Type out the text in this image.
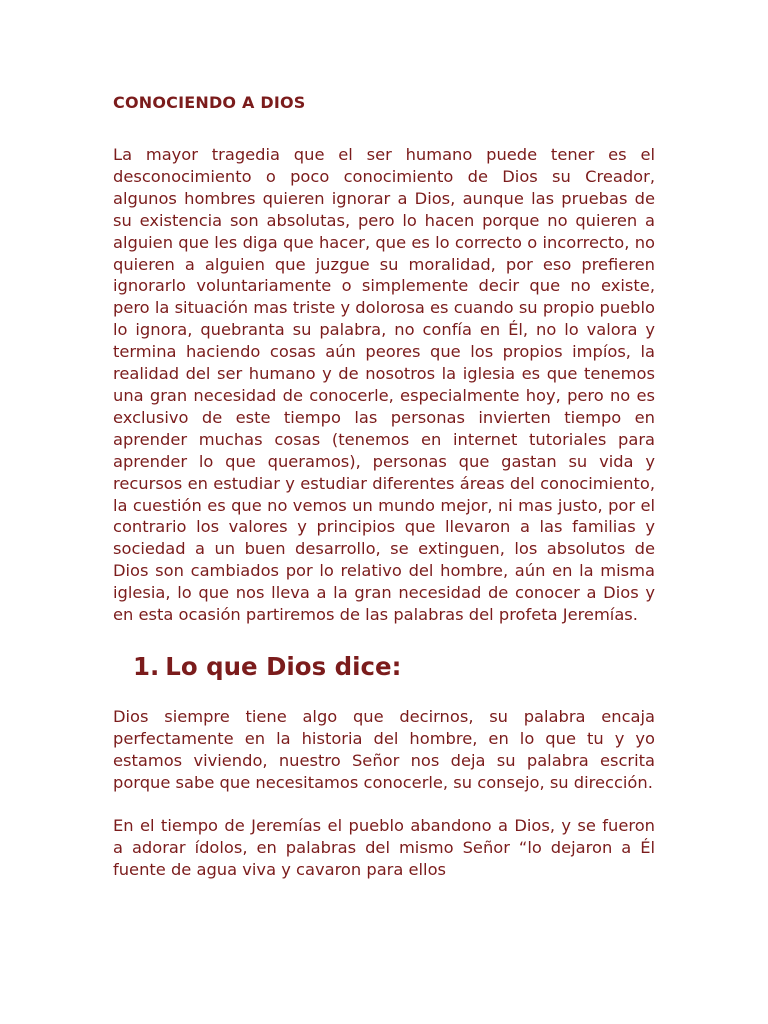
CONOCIENDO A DIOS

La mayor tragedia que el ser humano puede tener es el desconocimiento o poco conocimiento de Dios su Creador, algunos hombres quieren ignorar a Dios, aunque las pruebas de su existencia son absolutas, pero lo hacen porque no quieren a alguien que les diga que hacer, que es lo correcto o incorrecto, no quieren a alguien que juzgue su moralidad, por eso prefieren ignorarlo voluntariamente o simplemente decir que no existe, pero la situación mas triste y dolorosa es cuando su propio pueblo lo ignora, quebranta su palabra, no confía en Él, no lo valora y termina haciendo cosas aún peores que los propios impíos, la realidad del ser humano y de nosotros la iglesia es que tenemos una gran necesidad de conocerle, especialmente hoy, pero no es exclusivo de este tiempo las personas invierten tiempo en aprender muchas cosas (tenemos en internet tutoriales para aprender lo que queramos), personas que gastan su vida y recursos en estudiar y estudiar diferentes áreas del conocimiento, la cuestión es que no vemos un mundo mejor, ni mas justo, por el contrario los valores y principios que llevaron a las familias y sociedad a un buen desarrollo, se extinguen, los absolutos de Dios son cambiados por lo relativo del hombre, aún en la misma iglesia, lo que nos lleva a la gran necesidad de conocer a Dios y en esta ocasión partiremos de las palabras del profeta Jeremías.

1. Lo que Dios dice:

Dios siempre tiene algo que decirnos, su palabra encaja perfectamente en la historia del hombre, en lo que tu y yo estamos viviendo, nuestro Señor nos deja su palabra escrita porque sabe que necesitamos conocerle, su consejo, su dirección.

En el tiempo de Jeremías el pueblo abandono a Dios, y se fueron a adorar ídolos, en palabras del mismo Señor “lo dejaron a Él fuente de agua viva y cavaron para ellos
